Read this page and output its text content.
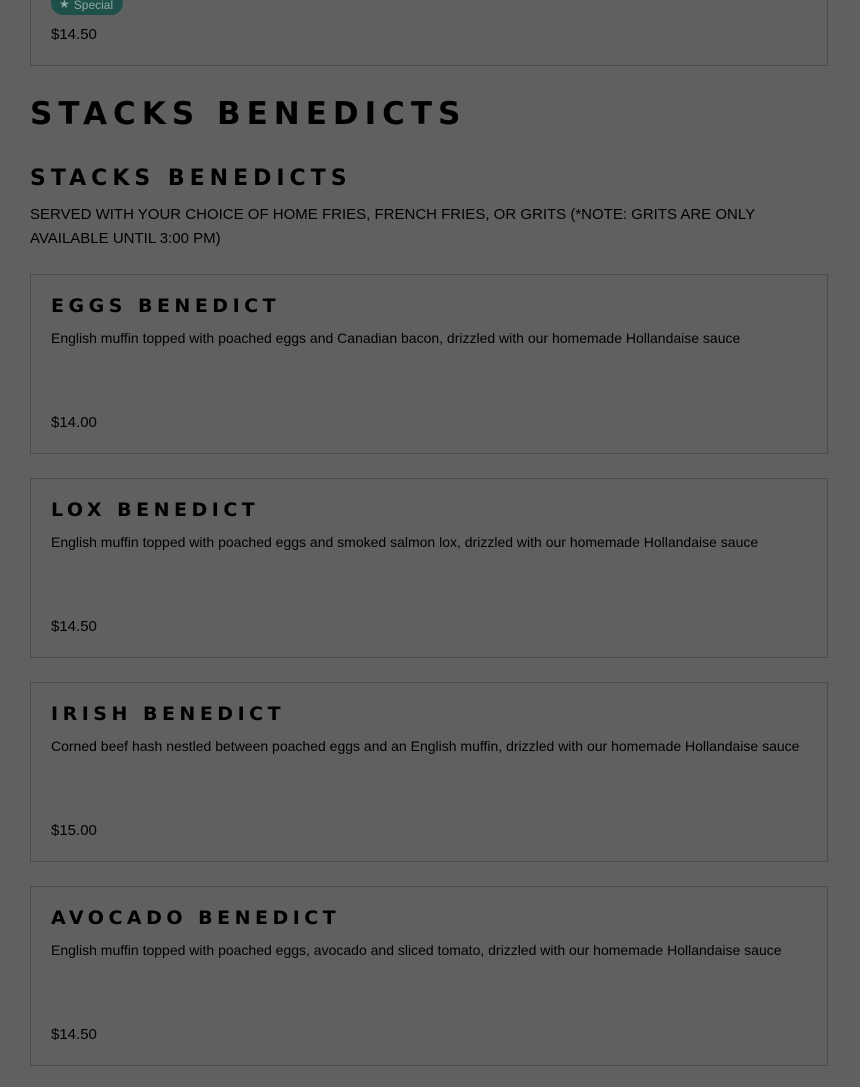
★ Special

$14.50

STACKS BENEDICTS
STACKS BENEDICTS

SERVED WITH YOUR CHOICE OF HOME FRIES, FRENCH FRIES, OR GRITS (*NOTE: GRITS ARE ONLY AVAILABLE UNTIL 3:00 PM)

EGGS BENEDICT

English muffin topped with poached eggs and Canadian bacon, drizzled with our homemade Hollandaise sauce

$14.00

LOX BENEDICT

English muffin topped with poached eggs and smoked salmon lox, drizzled with our homemade Hollandaise sauce

$14.50

IRISH BENEDICT

Corned beef hash nestled between poached eggs and an English muffin, drizzled with our homemade Hollandaise sauce

$15.00

AVOCADO BENEDICT

English muffin topped with poached eggs, avocado and sliced tomato, drizzled with our homemade Hollandaise sauce

$14.50
